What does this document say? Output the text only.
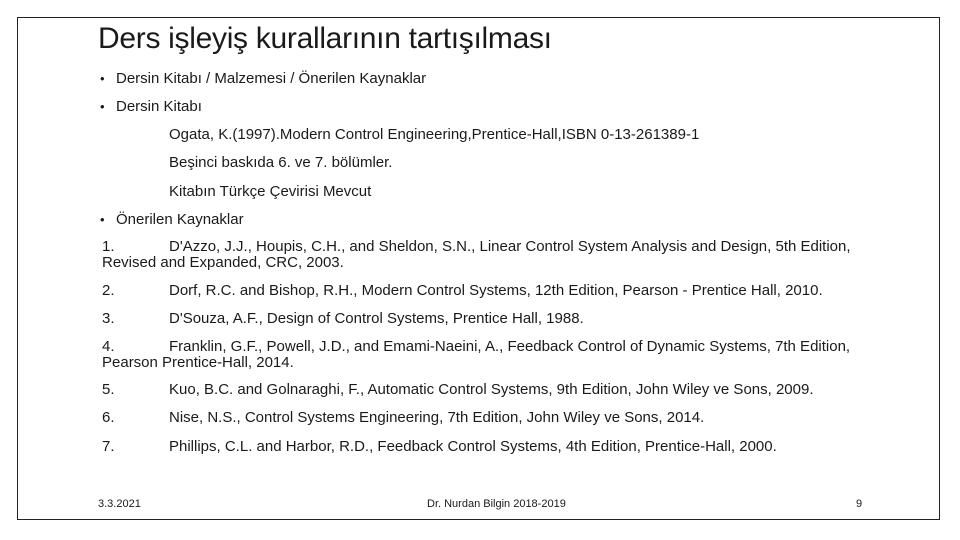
Ders işleyiş kurallarının tartışılması
• Dersin Kitabı / Malzemesi / Önerilen Kaynaklar
• Dersin Kitabı
Ogata, K.(1997).Modern Control Engineering,Prentice-Hall,ISBN 0-13-261389-1
Beşinci baskıda 6. ve 7. bölümler.
Kitabın Türkçe Çevirisi Mevcut
• Önerilen Kaynaklar
1.	D'Azzo, J.J., Houpis, C.H., and Sheldon, S.N., Linear Control System Analysis and Design, 5th Edition, Revised and Expanded, CRC, 2003.
2.	Dorf, R.C. and Bishop, R.H., Modern Control Systems, 12th Edition, Pearson - Prentice Hall, 2010.
3.	D'Souza, A.F., Design of Control Systems, Prentice Hall, 1988.
4.	Franklin, G.F., Powell, J.D., and Emami-Naeini, A., Feedback Control of Dynamic Systems, 7th Edition, Pearson Prentice-Hall, 2014.
5.	Kuo, B.C. and Golnaraghi, F., Automatic Control Systems, 9th Edition, John Wiley ve Sons, 2009.
6.	Nise, N.S., Control Systems Engineering, 7th Edition, John Wiley ve Sons, 2014.
7.	Phillips, C.L. and Harbor, R.D., Feedback Control Systems, 4th Edition, Prentice-Hall, 2000.
3.3.2021	Dr. Nurdan Bilgin 2018-2019	9
